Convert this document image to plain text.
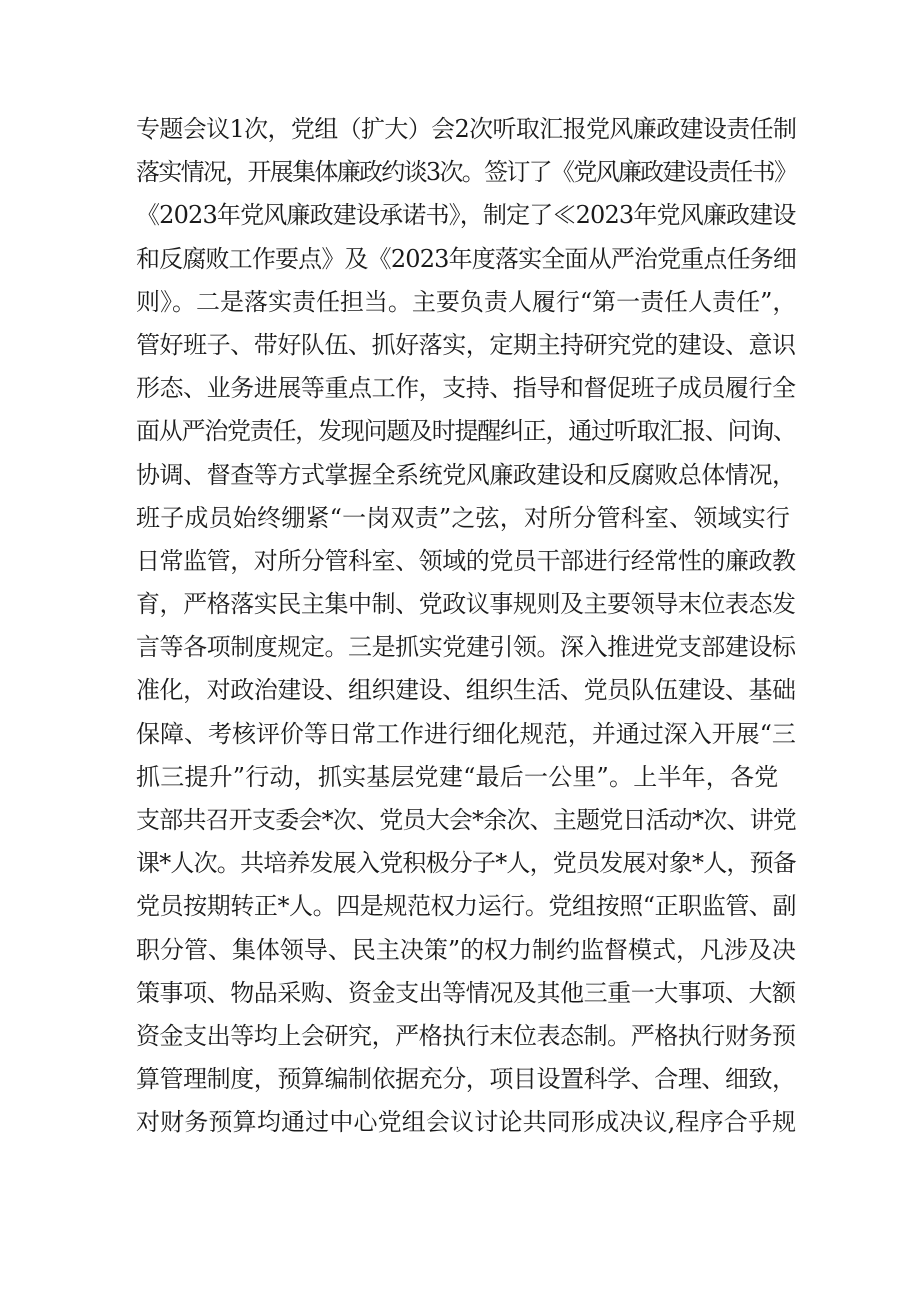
专题会议1次，党组（扩大）会2次听取汇报党风廉政建设责任制
落实情况，开展集体廉政约谈3次。签订了《党风廉政建设责任书》
《2023年党风廉政建设承诺书》，制定了≪2023年党风廉政建设
和反腐败工作要点》及《2023年度落实全面从严治党重点任务细
则》。二是落实责任担当。主要负责人履行“第一责任人责任”，
管好班子、带好队伍、抓好落实，定期主持研究党的建设、意识
形态、业务进展等重点工作，支持、指导和督促班子成员履行全
面从严治党责任，发现问题及时提醒纠正，通过听取汇报、问询、
协调、督查等方式掌握全系统党风廉政建设和反腐败总体情况，
班子成员始终绷紧“一岗双责”之弦，对所分管科室、领域实行
日常监管，对所分管科室、领域的党员干部进行经常性的廉政教
育，严格落实民主集中制、党政议事规则及主要领导末位表态发
言等各项制度规定。三是抓实党建引领。深入推进党支部建设标
准化，对政治建设、组织建设、组织生活、党员队伍建设、基础
保障、考核评价等日常工作进行细化规范，并通过深入开展“三
抓三提升”行动，抓实基层党建“最后一公里”。上半年，各党
支部共召开支委会*次、党员大会*余次、主题党日活动*次、讲党
课*人次。共培养发展入党积极分子*人，党员发展对象*人，预备
党员按期转正*人。四是规范权力运行。党组按照“正职监管、副
职分管、集体领导、民主决策”的权力制约监督模式，凡涉及决
策事项、物品采购、资金支出等情况及其他三重一大事项、大额
资金支出等均上会研究，严格执行末位表态制。严格执行财务预
算管理制度，预算编制依据充分，项目设置科学、合理、细致，
对财务预算均通过中心党组会议讨论共同形成决议,程序合乎规
